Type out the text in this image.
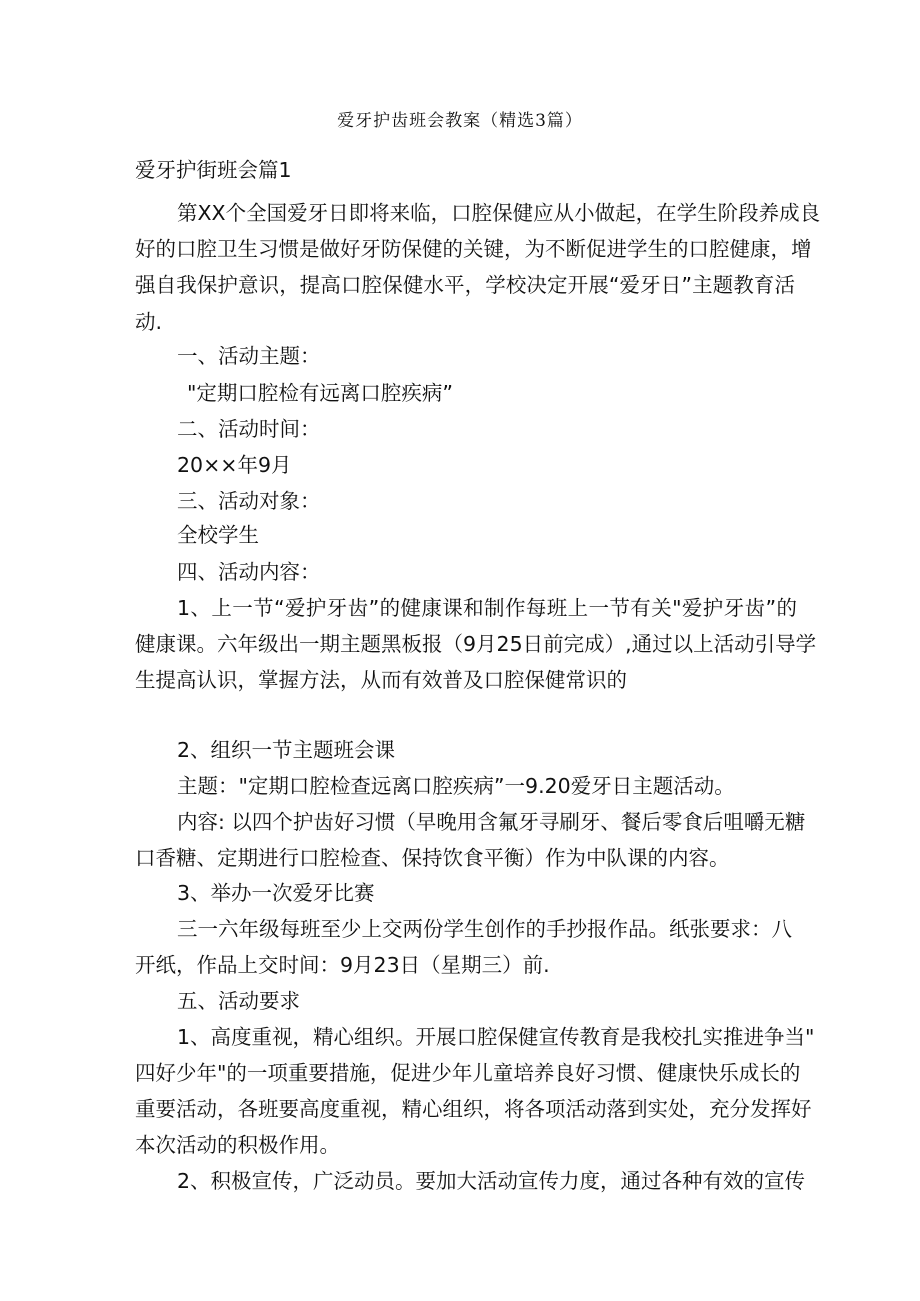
爱牙护齿班会教案（精选3篇）
爱牙护街班会篇1
第XX个全国爱牙日即将来临，口腔保健应从小做起，在学生阶段养成良
好的口腔卫生习惯是做好牙防保健的关键，为不断促进学生的口腔健康，增
强自我保护意识，提高口腔保健水平，学校决定开展“爱牙日”主题教育活
动.
一、活动主题：
"定期口腔检有远离口腔疾病”
二、活动时间：
20××年9月
三、活动对象：
全校学生
四、活动内容：
1、上一节“爱护牙齿”的健康课和制作每班上一节有关"爱护牙齿”的
健康课。六年级出一期主题黑板报（9月25日前完成）,通过以上活动引导学
生提高认识，掌握方法，从而有效普及口腔保健常识的
2、组织一节主题班会课
主题："定期口腔检查远离口腔疾病”一9.20爱牙日主题活动。
内容: 以四个护齿好习惯（早晚用含氟牙寻刷牙、餐后零食后咀嚼无糖
口香糖、定期进行口腔检查、保持饮食平衡）作为中队课的内容。
3、举办一次爱牙比赛
三一六年级每班至少上交两份学生创作的手抄报作品。纸张要求：八
开纸，作品上交时间：9月23日（星期三）前.
五、活动要求
1、高度重视，精心组织。开展口腔保健宣传教育是我校扎实推进争当"
四好少年"的一项重要措施，促进少年儿童培养良好习惯、健康快乐成长的
重要活动，各班要高度重视，精心组织，将各项活动落到实处，充分发挥好
本次活动的积极作用。
2、积极宣传，广泛动员。要加大活动宣传力度，通过各种有效的宣传
